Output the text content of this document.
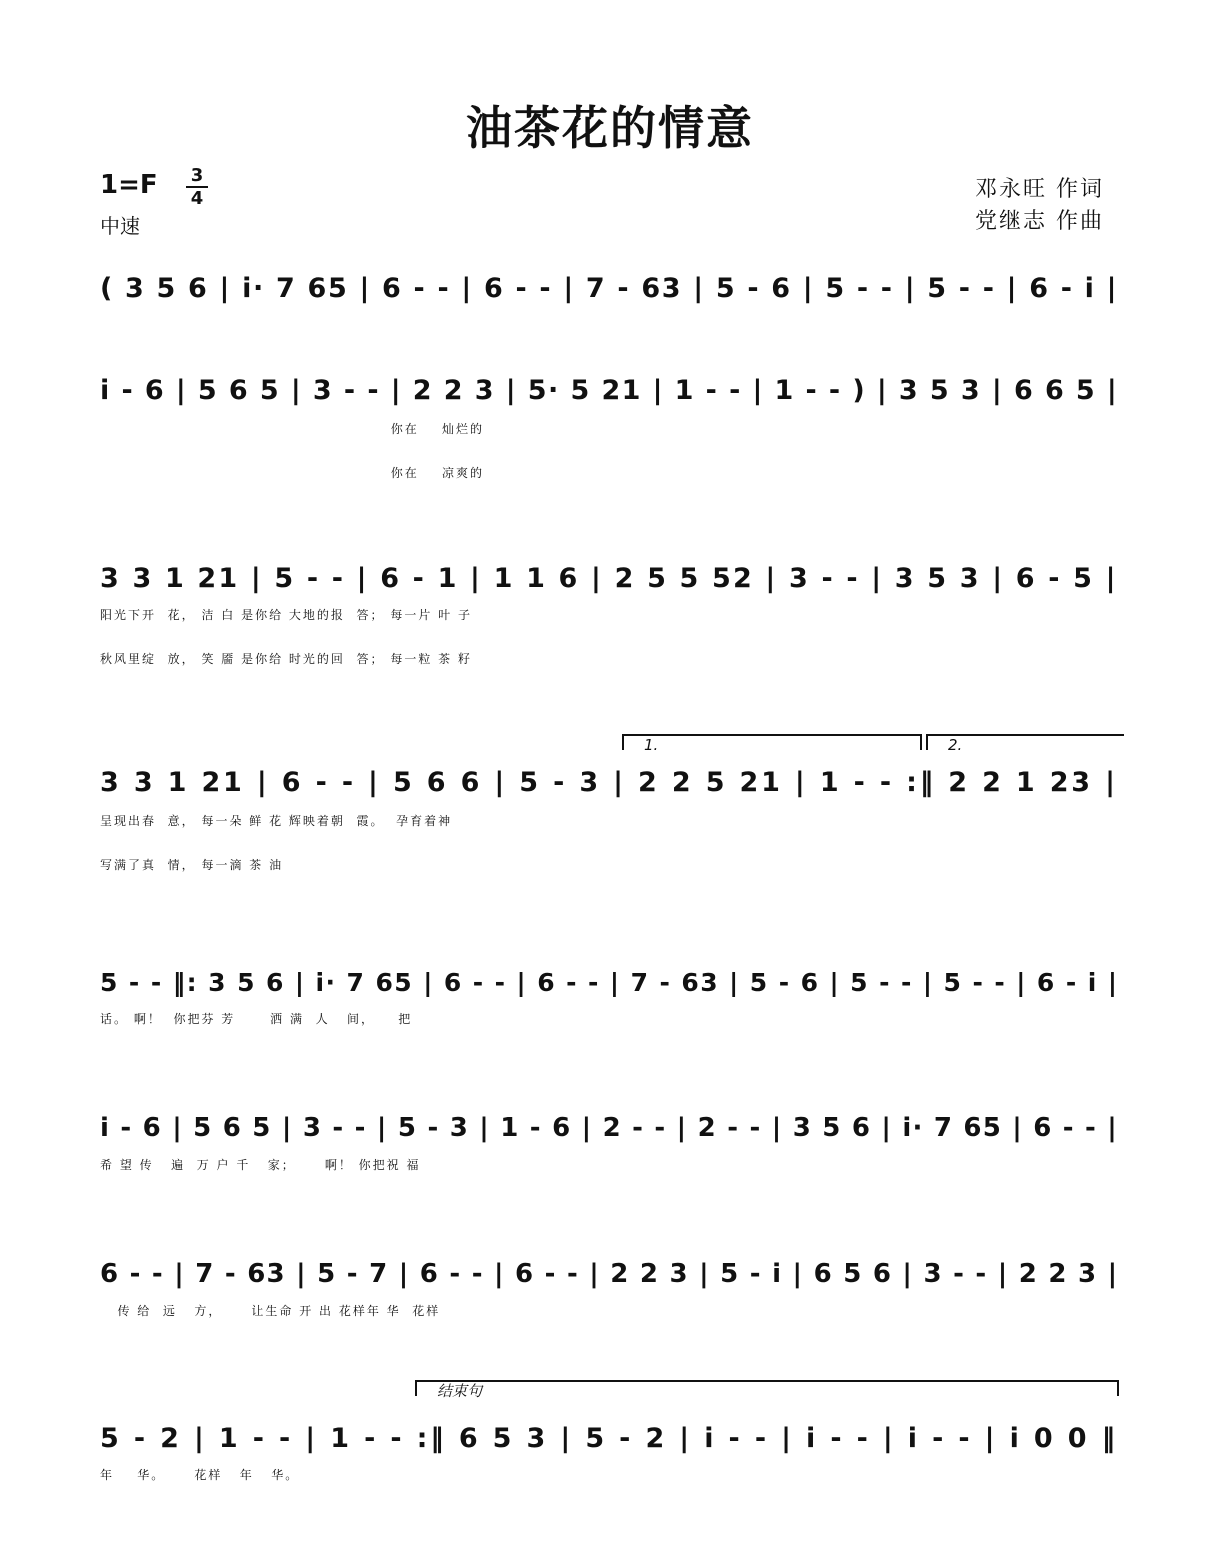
油茶花的情意
1=F 3
4
中速
邓永旺 作词
党继志 作曲
( 3 5 6 | i· 7 65 | 6 - - | 6 - - | 7 - 63 | 5 - 6 | 5 - - | 5 - - | 6 - i |
i - 6 | 5 6 5 | 3 - - | 2 2 3 | 5· 5 21 | 1 - - | 1 - - ) | 3 5 3 | 6 6 5 |
你在    灿烂的
你在    凉爽的
3 3 1 21 | 5 - - | 6 - 1 | 1 1 6 | 2 5 5 52 | 3 - - | 3 5 3 | 6 - 5 |
阳光下开  花， 洁 白 是你给 大地的报  答； 每一片 叶 子
秋风里绽  放， 笑 靥 是你给 时光的回  答； 每一粒 茶 籽
1.	2.
3 3 1 21 | 6 - - | 5 6 6 | 5 - 3 | 2 2 5 21 | 1 - - :‖ 2 2 1 23 |
呈现出春  意， 每一朵 鲜 花 辉映着朝  霞。  孕育着神
写满了真  情， 每一滴 茶 油
5 - - ‖: 3 5 6 | i· 7 65 | 6 - - | 6 - - | 7 - 63 | 5 - 6 | 5 - - | 5 - - | 6 - i |
话。 啊！  你把芬 芳      洒 满  人   间，    把
i - 6 | 5 6 5 | 3 - - | 5 - 3 | 1 - 6 | 2 - - | 2 - - | 3 5 6 | i· 7 65 | 6 - - |
希 望 传   遍  万 户 千   家；     啊！ 你把祝 福
6 - - | 7 - 63 | 5 - 7 | 6 - - | 6 - - | 2 2 3 | 5 - i | 6 5 6 | 3 - - | 2 2 3 |
传 给  远   方，     让生命 开 出 花样年 华  花样
结束句
5 - 2 | 1 - - | 1 - - :‖ 6 5 3 | 5 - 2 | i - - | i - - | i - - | i 0 0 ‖
年    华。     花样   年   华。
